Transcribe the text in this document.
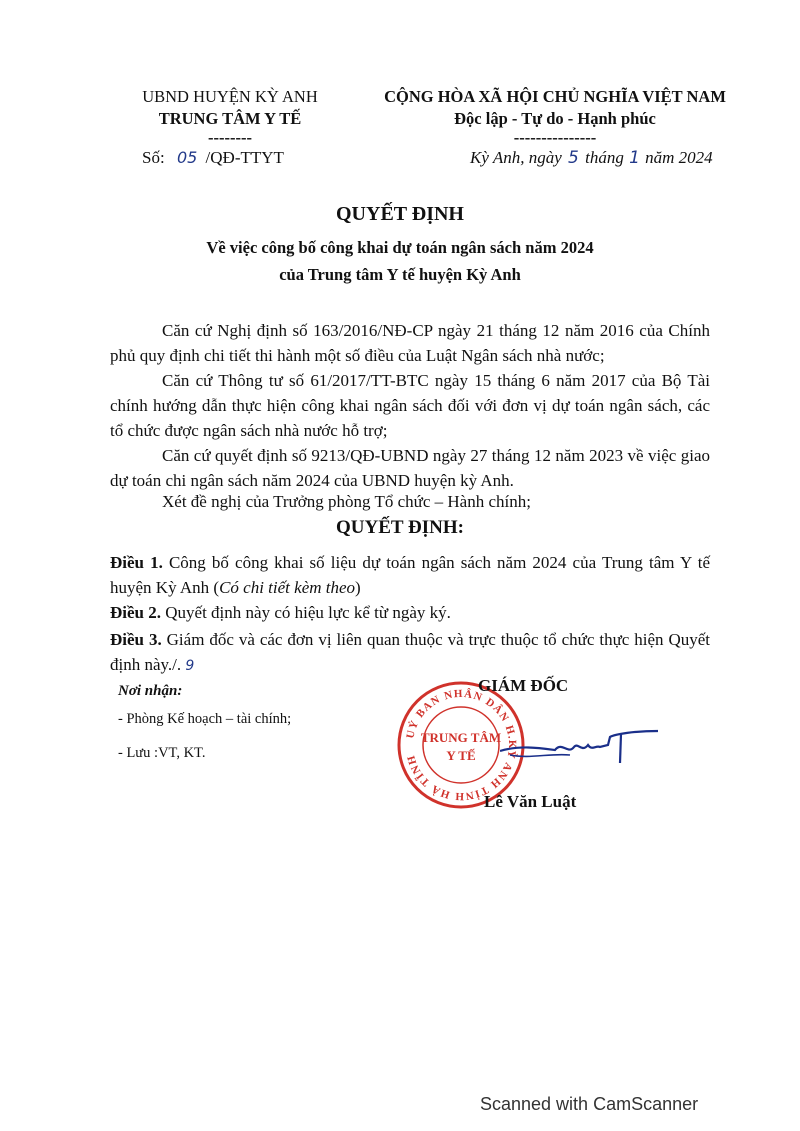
UBND HUYỆN KỲ ANH
TRUNG TÂM Y TẾ
--------
CỘNG HÒA XÃ HỘI CHỦ NGHĨA VIỆT NAM
Độc lập - Tự do - Hạnh phúc
---------------
Số: 05 /QĐ-TTYT	Kỳ Anh, ngày 5 tháng 1 năm 2024
QUYẾT ĐỊNH
Về việc công bố công khai dự toán ngân sách năm 2024
của Trung tâm Y tế huyện Kỳ Anh
Căn cứ Nghị định số 163/2016/NĐ-CP ngày 21 tháng 12 năm 2016 của Chính phủ quy định chi tiết thi hành một số điều của Luật Ngân sách nhà nước;
Căn cứ Thông tư số 61/2017/TT-BTC ngày 15 tháng 6 năm 2017 của Bộ Tài chính hướng dẫn thực hiện công khai ngân sách đối với đơn vị dự toán ngân sách, các tổ chức được ngân sách nhà nước hỗ trợ;
Căn cứ quyết định số 9213/QĐ-UBND ngày 27 tháng 12 năm 2023 về việc giao dự toán chi ngân sách năm 2024 của UBND huyện kỳ Anh.
Xét đề nghị của Trưởng phòng Tổ chức – Hành chính;
QUYẾT ĐỊNH:
Điều 1. Công bố công khai số liệu dự toán ngân sách năm 2024 của Trung tâm Y tế huyện Kỳ Anh (Có chi tiết kèm theo)
Điều 2. Quyết định này có hiệu lực kể từ ngày ký.
Điều 3. Giám đốc và các đơn vị liên quan thuộc và trực thuộc tổ chức thực hiện Quyết định này./. 9
Nơi nhận:
- Phòng Kế hoạch – tài chính;
- Lưu :VT, KT.
UỶ BAN NHÂN DÂN H.KỲ ANH TỈNH HÀ TĨNH
TRUNG TÂM
Y TẾ
GIÁM ĐỐC
Lê Văn Luật
Scanned with CamScanner
